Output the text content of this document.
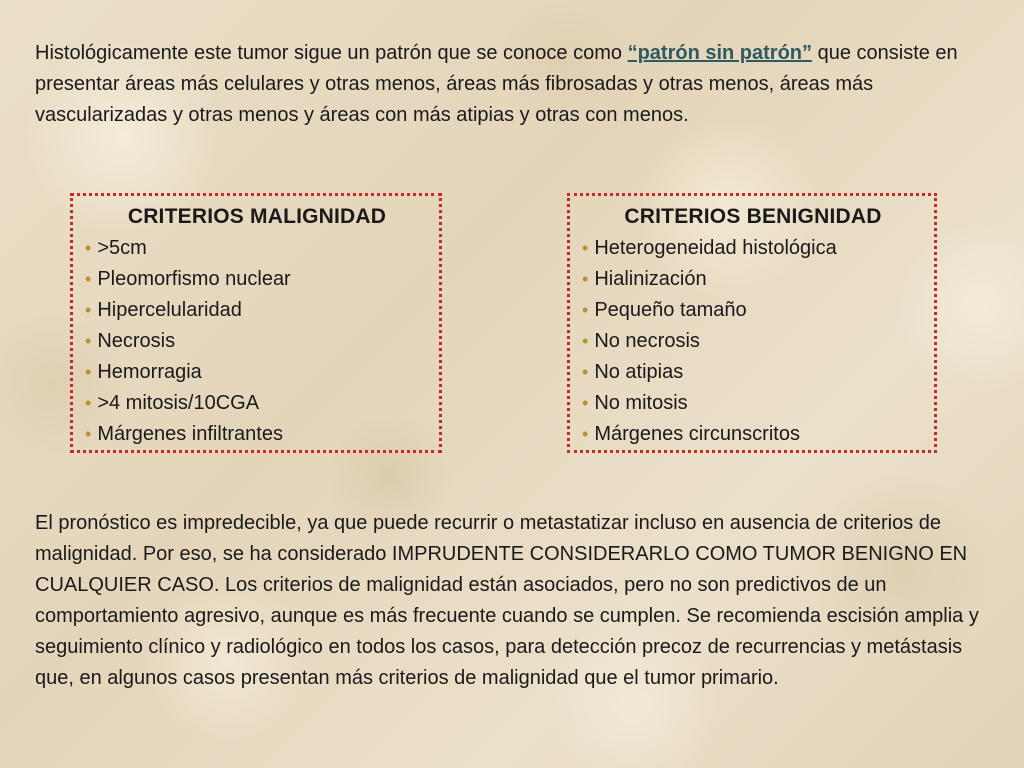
Histológicamente este tumor sigue un patrón que se conoce como “patrón sin patrón” que consiste en presentar áreas más celulares y otras menos, áreas más fibrosadas y otras menos, áreas más vascularizadas y otras menos y áreas con más atipias y otras con menos.

CRITERIOS MALIGNIDAD
• >5cm
• Pleomorfismo nuclear
• Hipercelularidad
• Necrosis
• Hemorragia
• >4 mitosis/10CGA
• Márgenes infiltrantes
CRITERIOS BENIGNIDAD
• Heterogeneidad histológica
• Hialinización
• Pequeño tamaño
• No necrosis
• No atipias
• No mitosis
• Márgenes circunscritos

El pronóstico es impredecible, ya que puede recurrir o metastatizar incluso en ausencia de criterios de malignidad. Por eso, se ha considerado IMPRUDENTE CONSIDERARLO COMO TUMOR BENIGNO EN CUALQUIER CASO. Los criterios de malignidad están asociados, pero no son predictivos de un comportamiento agresivo, aunque es más frecuente cuando se cumplen. Se recomienda escisión amplia y seguimiento clínico y radiológico en todos los casos, para detección precoz de recurrencias y metástasis que, en algunos casos presentan más criterios de malignidad que el tumor primario.
